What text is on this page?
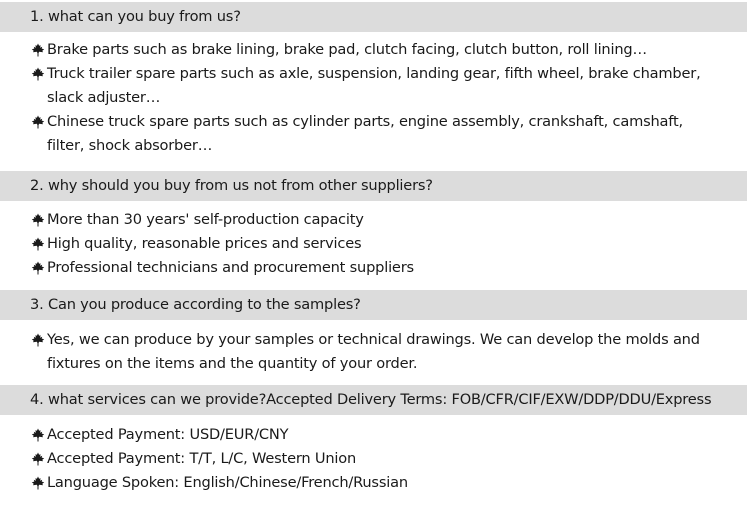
1. what can you buy from us?
Brake parts such as brake lining, brake pad, clutch facing, clutch button, roll lining…
Truck trailer spare parts such as axle, suspension, landing gear, fifth wheel, brake chamber, slack adjuster…
Chinese truck spare parts such as cylinder parts, engine assembly, crankshaft, camshaft, filter, shock absorber…
2. why should you buy from us not from other suppliers?
More than 30 years' self-production capacity
High quality, reasonable prices and services
Professional technicians and procurement suppliers
3. Can you produce according to the samples?
Yes, we can produce by your samples or technical drawings. We can develop the molds and fixtures on the items and the quantity of your order.
4. what services can we provide?Accepted Delivery Terms: FOB/CFR/CIF/EXW/DDP/DDU/Express
Accepted Payment: USD/EUR/CNY
Accepted Payment: T/T, L/C, Western Union
Language Spoken: English/Chinese/French/Russian
